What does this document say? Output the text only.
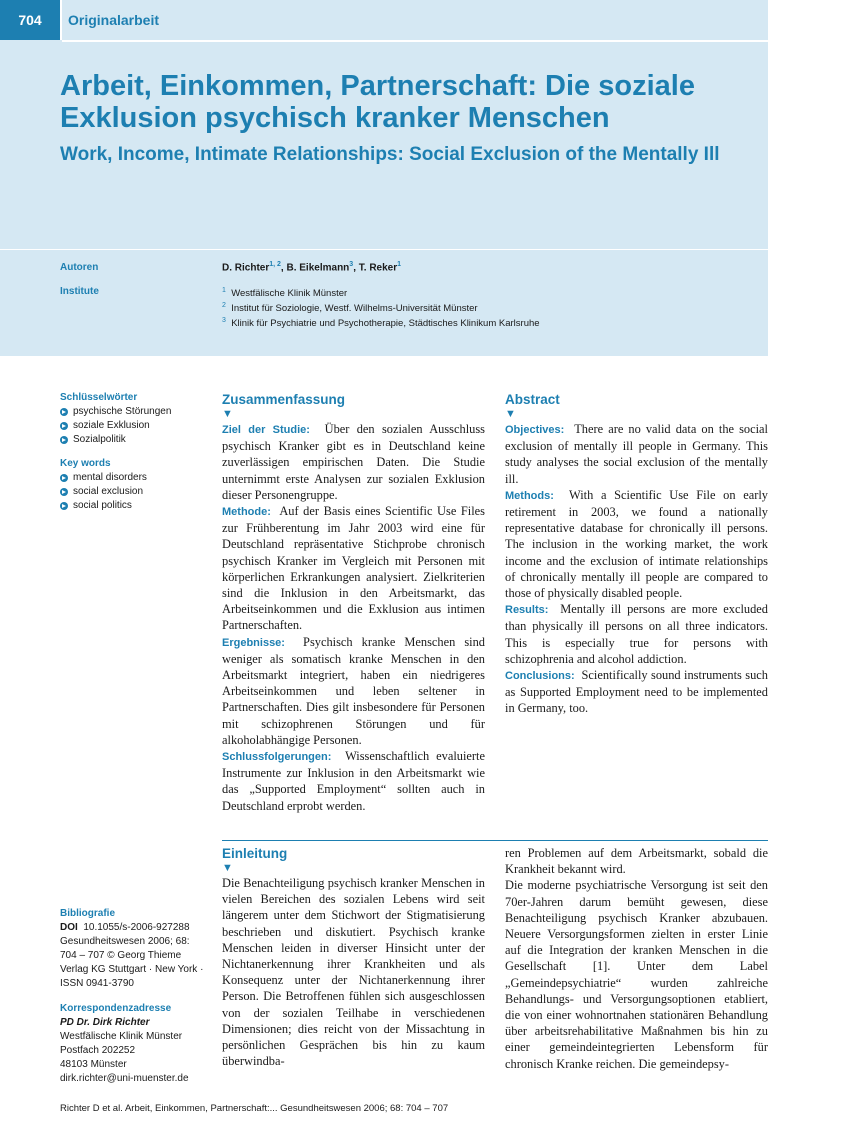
704	Originalarbeit
Arbeit, Einkommen, Partnerschaft: Die soziale Exklusion psychisch kranker Menschen
Work, Income, Intimate Relationships: Social Exclusion of the Mentally Ill
Autoren
Institute
D. Richter$^{1, 2}$, B. Eikelmann$^3$, T. Reker$^1$
$^1$ Westfälische Klinik Münster
$^2$ Institut für Soziologie, Westf. Wilhelms-Universität Münster
$^3$ Klinik für Psychiatrie und Psychotherapie, Städtisches Klinikum Karlsruhe
Schlüsselwörter
psychische Störungen
soziale Exklusion
Sozialpolitik
Key words
mental disorders
social exclusion
social politics
Zusammenfassung
▼
Ziel der Studie: Über den sozialen Ausschluss psychisch Kranker gibt es in Deutschland keine zuverlässigen empirischen Daten. Die Studie unternimmt erste Analysen zur sozialen Exklusion dieser Personengruppe.
Methode: Auf der Basis eines Scientific Use Files zur Frühberentung im Jahr 2003 wird eine für Deutschland repräsentative Stichprobe chronisch psychisch Kranker im Vergleich mit Personen mit körperlichen Erkrankungen analysiert. Zielkriterien sind die Inklusion in den Arbeitsmarkt, das Arbeitseinkommen und die Exklusion aus intimen Partnerschaften.
Ergebnisse: Psychisch kranke Menschen sind weniger als somatisch kranke Menschen in den Arbeitsmarkt integriert, haben ein niedrigeres Arbeitseinkommen und leben seltener in Partnerschaften. Dies gilt insbesondere für Personen mit schizophrenen Störungen und für alkoholabhängige Personen.
Schlussfolgerungen: Wissenschaftlich evaluierte Instrumente zur Inklusion in den Arbeitsmarkt wie das „Supported Employment“ sollten auch in Deutschland erprobt werden.
Abstract
▼
Objectives: There are no valid data on the social exclusion of mentally ill people in Germany. This study analyses the social exclusion of the mentally ill.
Methods: With a Scientific Use File on early retirement in 2003, we found a nationally representative database for chronically ill persons. The inclusion in the working market, the work income and the exclusion of intimate relationships of chronically mentally ill people are compared to those of physically disabled people.
Results: Mentally ill persons are more excluded than physically ill persons on all three indicators. This is especially true for persons with schizophrenia and alcohol addiction.
Conclusions: Scientifically sound instruments such as Supported Employment need to be implemented in Germany, too.
Einleitung
▼
Die Benachteiligung psychisch kranker Menschen in vielen Bereichen des sozialen Lebens wird seit längerem unter dem Stichwort der Stigmatisierung beschrieben und diskutiert. Psychisch kranke Menschen leiden in diverser Hinsicht unter der Nichtanerkennung ihrer Krankheiten und als Konsequenz unter der Nichtanerkennung ihrer Person. Die Betroffenen fühlen sich ausgeschlossen von der sozialen Teilhabe in verschiedenen Dimensionen; dies reicht von der Missachtung in persönlichen Gesprächen bis hin zu kaum überwindba-
ren Problemen auf dem Arbeitsmarkt, sobald die Krankheit bekannt wird.
Die moderne psychiatrische Versorgung ist seit den 70er-Jahren darum bemüht gewesen, diese Benachteiligung psychisch Kranker abzubauen. Neuere Versorgungsformen zielten in erster Linie auf die Integration der kranken Menschen in die Gesellschaft [1]. Unter dem Label „Gemeindepsychiatrie“ wurden zahlreiche Behandlungs- und Versorgungsoptionen etabliert, die von einer wohnortnahen stationären Behandlung über arbeitsrehabilitative Maßnahmen bis hin zu einer gemeindeintegrierten Lebensform für chronisch Kranke reichen. Die gemeindepsy-
Bibliografie
DOI 10.1055/s-2006-927288
Gesundheitswesen 2006; 68:
704 – 707 © Georg Thieme
Verlag KG Stuttgart · New York ·
ISSN 0941-3790
Korrespondenzadresse
PD Dr. Dirk Richter
Westfälische Klinik Münster
Postfach 202252
48103 Münster
dirk.richter@uni-muenster.de
Richter D et al. Arbeit, Einkommen, Partnerschaft:... Gesundheitswesen 2006; 68: 704 – 707
